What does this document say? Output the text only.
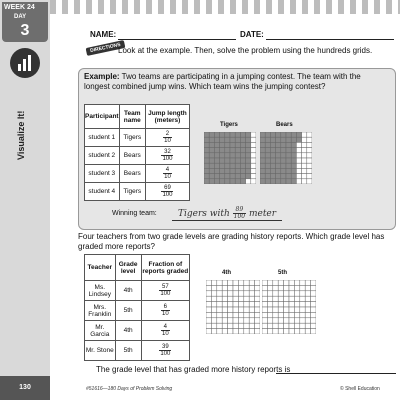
WEEK 24
DAY
3
Visualize It!
130
NAME:	DATE:
DIRECTIONS
Look at the example. Then, solve the problem using the hundreds grids.
Example: Two teams are participating in a jumping contest. The team with the longest combined jump wins. Which team wins the jumping contest?
Participant	Team name	Jump length (meters)
student 1	Tigers	$\frac{2}{10}$

student 2	Bears	$\frac{32}{100}$

student 3	Bears	$\frac{4}{10}$

student 4	Tigers	$\frac{69}{100}$
Tigers	Bears
Winning team:	Tigers with $\frac{89}{100}$ meter
Four teachers from two grade levels are grading history reports. Which grade level has graded more reports?
Teacher	Grade level	Fraction of reports graded
Ms. Lindsey	4th	$\frac{57}{100}$

Mrs. Franklin	5th	$\frac{6}{10}$

Mr. Garcia	4th	$\frac{4}{10}$

Mr. Stone	5th	$\frac{39}{100}$
4th	5th
The grade level that has graded more history reports is
#51616—180 Days of Problem Solving	© Shell Education
